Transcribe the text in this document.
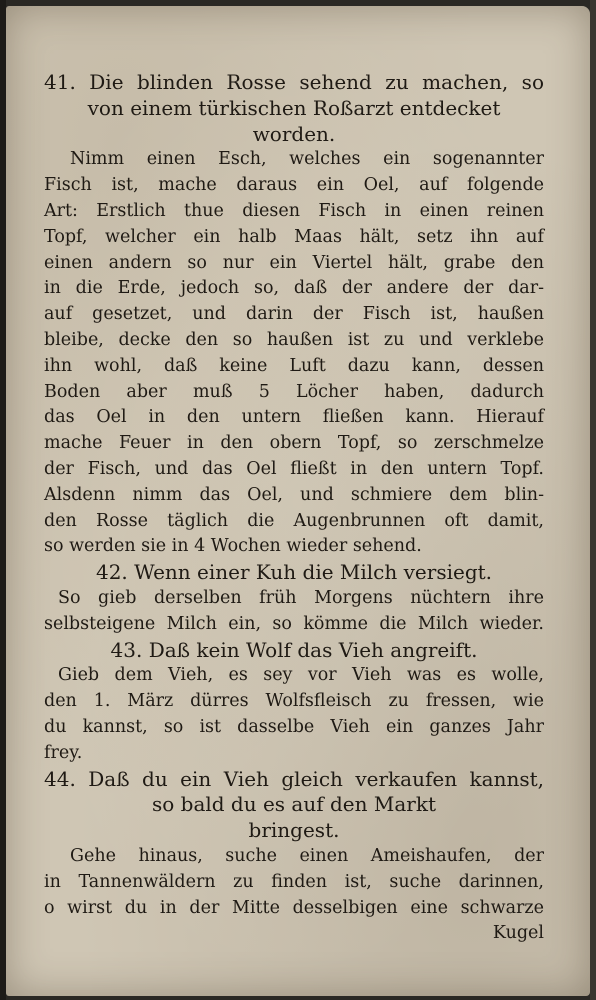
41. Die blinden Rosse sehend zu machen, so
von einem türkischen Roßarzt entdecket
worden.
Nimm einen Esch, welches ein sogenannter
Fisch ist, mache daraus ein Oel, auf folgende
Art: Erstlich thue diesen Fisch in einen reinen
Topf, welcher ein halb Maas hält, setz ihn auf
einen andern so nur ein Viertel hält, grabe den
in die Erde, jedoch so, daß der andere der dar-
auf gesetzet, und darin der Fisch ist, haußen
bleibe, decke den so haußen ist zu und verklebe
ihn wohl, daß keine Luft dazu kann, dessen
Boden aber muß 5 Löcher haben, dadurch
das Oel in den untern fließen kann. Hierauf
mache Feuer in den obern Topf, so zerschmelze
der Fisch, und das Oel fließt in den untern Topf.
Alsdenn nimm das Oel, und schmiere dem blin-
den Rosse täglich die Augenbrunnen oft damit,
so werden sie in 4 Wochen wieder sehend.
42. Wenn einer Kuh die Milch versiegt.
So gieb derselben früh Morgens nüchtern ihre
selbsteigene Milch ein, so kömme die Milch wieder.
43. Daß kein Wolf das Vieh angreift.
Gieb dem Vieh, es sey vor Vieh was es wolle,
den 1. März dürres Wolfsfleisch zu fressen, wie
du kannst, so ist dasselbe Vieh ein ganzes Jahr
frey.
44. Daß du ein Vieh gleich verkaufen kannst,
so bald du es auf den Markt
bringest.
Gehe hinaus, suche einen Ameishaufen, der
in Tannenwäldern zu finden ist, suche darinnen,
o wirst du in der Mitte desselbigen eine schwarze
Kugel
